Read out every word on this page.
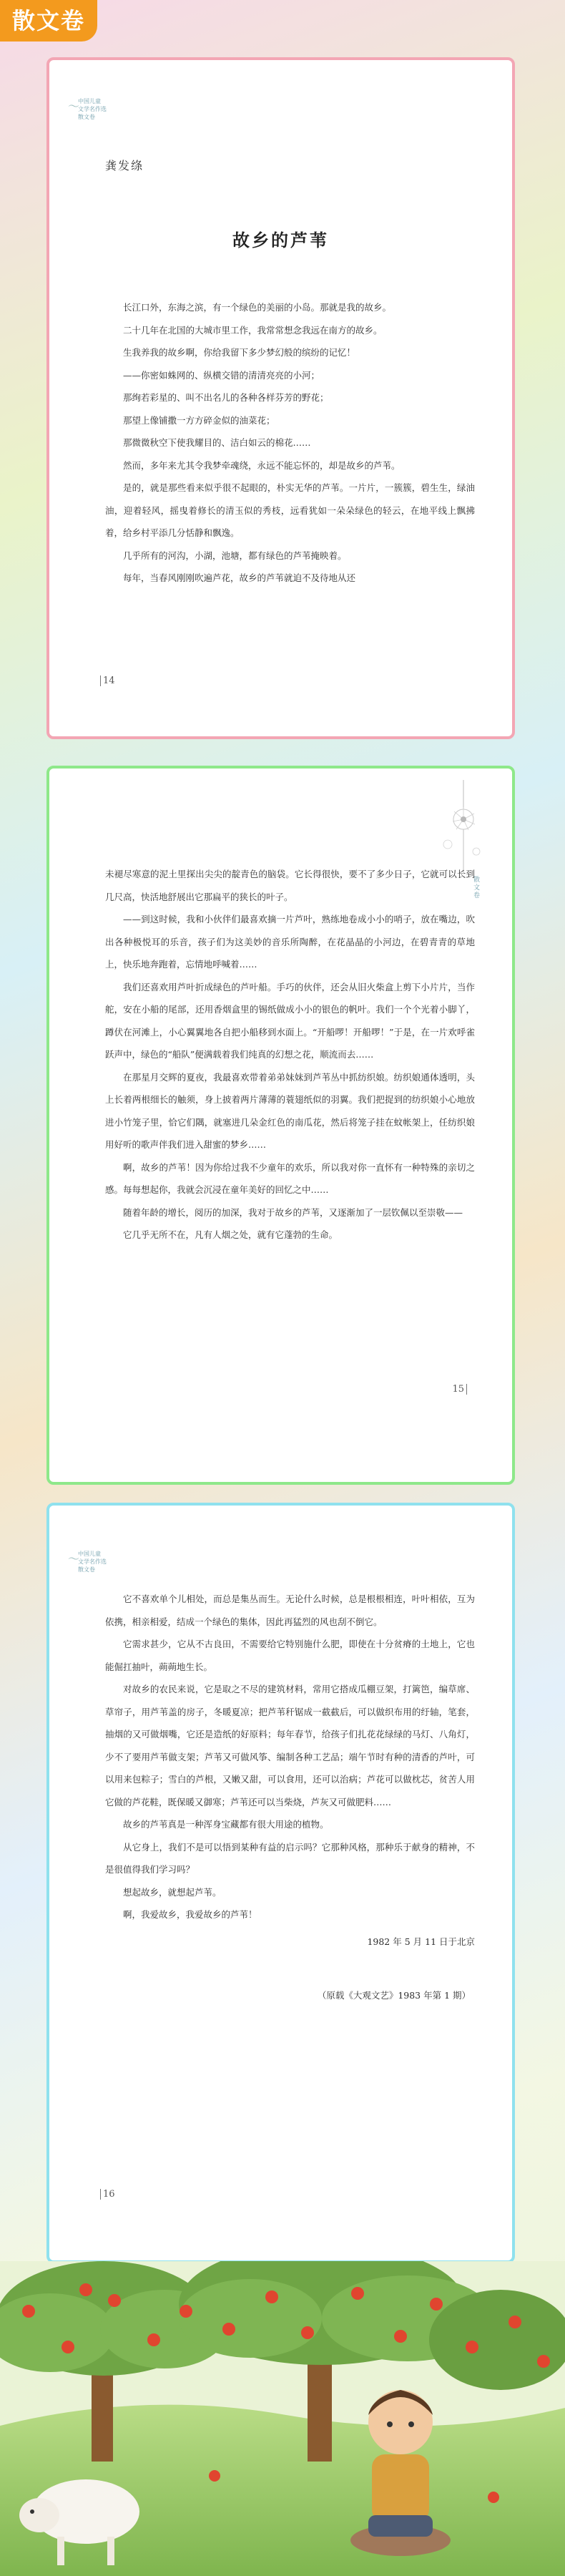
散文卷
〜
中国儿童
文学名作选
散文卷
龚发绦
故乡的芦苇

长江口外，东海之滨，有一个绿色的美丽的小岛。那就是我的故乡。

二十几年在北国的大城市里工作，我常常想念我远在南方的故乡。

生我养我的故乡啊，你给我留下多少梦幻般的缤纷的记忆！

——你密如蛛网的、纵横交错的清清亮亮的小河；

那绚若彩星的、叫不出名儿的各种各样芬芳的野花；

那望上像铺撒一方方碎金似的油菜花；

那微微秋空下使我耀目的、洁白如云的棉花……

然而，多年来尤其令我梦牵魂绕，永远不能忘怀的，却是故乡的芦苇。

是的，就是那些看来似乎很不起眼的，朴实无华的芦苇。一片片，一簇簇，碧生生，绿油油，迎着轻风，摇曳着修长的清玉似的秀枝，远看犹如一朵朵绿色的轻云，在地平线上飘拂着，给乡村平添几分恬静和飘逸。

几乎所有的河沟，小湖，池塘，都有绿色的芦苇掩映着。

每年，当春风刚刚吹遍芦花，故乡的芦苇就迫不及待地从还

14
散文卷

未褪尽寒意的泥土里探出尖尖的靛青色的脑袋。它长得很快，要不了多少日子，它就可以长到几尺高，快活地舒展出它那扁平的狭长的叶子。

——到这时候，我和小伙伴们最喜欢摘一片芦叶，熟练地卷成小小的哨子，放在嘴边，吹出各种极悦耳的乐音，孩子们为这美妙的音乐所陶醉，在花晶晶的小河边，在碧青青的草地上，快乐地奔跑着，忘情地呼喊着……

我们还喜欢用芦叶折成绿色的芦叶船。手巧的伙伴，还会从旧火柴盒上剪下小片片，当作舵，安在小船的尾部，还用香烟盒里的锡纸做成小小的银色的帆叶。我们一个个光着小脚丫，蹲伏在河滩上，小心翼翼地各自把小船移到水面上。“开船啰！开船啰！”于是，在一片欢呼雀跃声中，绿色的“船队”便满载着我们纯真的幻想之花，顺流而去……

在那星月交辉的夏夜，我最喜欢带着弟弟妹妹到芦苇丛中抓纺织娘。纺织娘通体透明，头上长着两根细长的触须，身上披着两片薄薄的蓑翅纸似的羽翼。我们把捉到的纺织娘小心地放进小竹笼子里，恰它们隅，就塞进几朵金红色的南瓜花，然后将笼子挂在蚊帐架上，任纺织娘用好听的歌声伴我们进入甜蜜的梦乡……

啊，故乡的芦苇！因为你给过我不少童年的欢乐，所以我对你一直怀有一种特殊的亲切之感。每每想起你，我就会沉浸在童年美好的回忆之中……

随着年龄的增长，阅历的加深，我对于故乡的芦苇，又逐渐加了一层钦佩以至崇敬——

它几乎无所不在，凡有人烟之处，就有它蓬勃的生命。

15
〜
中国儿童
文学名作选
散文卷

它不喜欢单个儿相处，而总是集丛而生。无论什么时候，总是根根相连，叶叶相依，互为依携，相亲相爱，结成一个绿色的集体，因此再猛烈的风也刮不倒它。

它需求甚少，它从不古良田，不需要给它特别施什么肥，即使在十分贫瘠的土地上，它也能倔扛抽叶，蒴蒴地生长。

对故乡的农民来说，它是取之不尽的建筑材料，常用它搭成瓜棚豆架，打篱笆，编草席、草帘子，用芦苇盖的房子，冬暖夏凉；把芦苇秆锯成一截截后，可以做织布用的纡轴，笔套，抽烟的又可做烟嘴，它还是造纸的好原料；每年春节，给孩子们扎花花绿绿的马灯、八角灯，少不了要用芦苇做支架；芦苇又可做风筝、编制各种工艺品；端午节时有种的清香的芦叶，可以用来包粽子；雪白的芦根，又嫩又甜，可以食用，还可以治病；芦花可以做枕芯，贫苦人用它做的芦花鞋，既保暖又御寒；芦苇还可以当柴烧，芦灰又可做肥料……

故乡的芦苇真是一种浑身宝藏都有很大用途的植物。

从它身上，我们不是可以悟到某种有益的启示吗？它那种风格，那种乐于献身的精神，不是很值得我们学习吗？

想起故乡，就想起芦苇。

啊，我爱故乡，我爱故乡的芦苇！

1982 年 5 月 11 日于北京

（原载《大观文艺》1983 年第 1 期）

16
